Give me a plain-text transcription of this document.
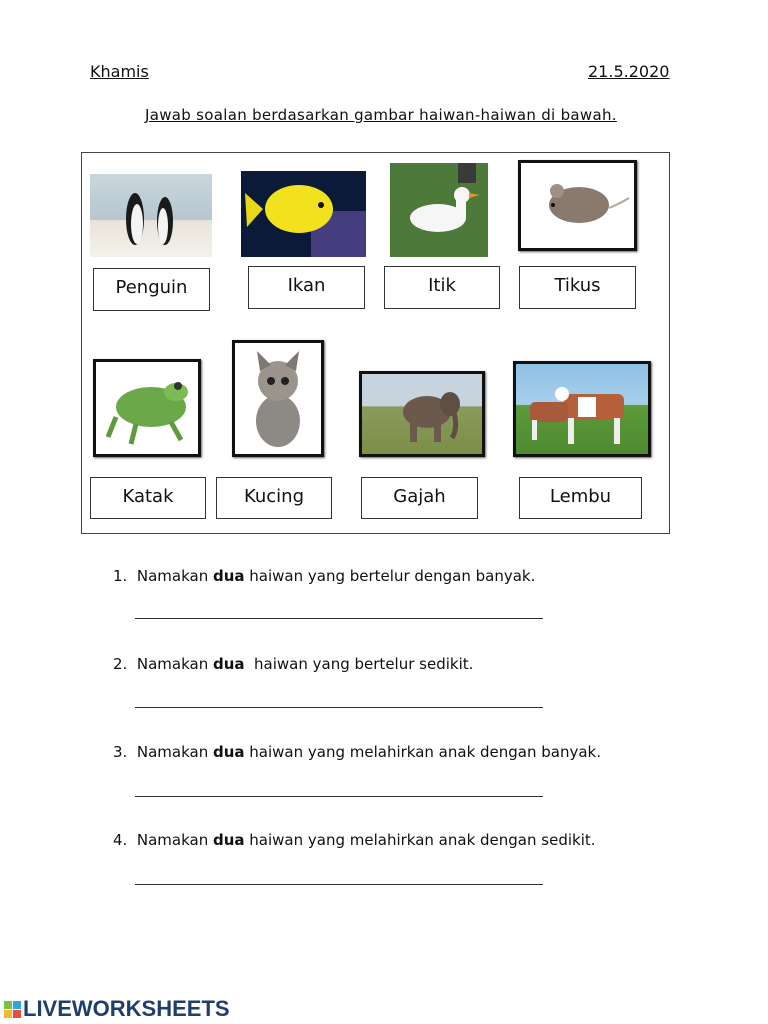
Khamis	21.5.2020
Jawab soalan berdasarkan gambar haiwan-haiwan di bawah.
Penguin	Ikan	Itik	Tikus
Katak	Kucing	Gajah	Lembu
1. Namakan dua haiwan yang bertelur dengan banyak.
2. Namakan dua  haiwan yang bertelur sedikit.
3. Namakan dua haiwan yang melahirkan anak dengan banyak.
4. Namakan dua haiwan yang melahirkan anak dengan sedikit.
LIVEWORKSHEETS
